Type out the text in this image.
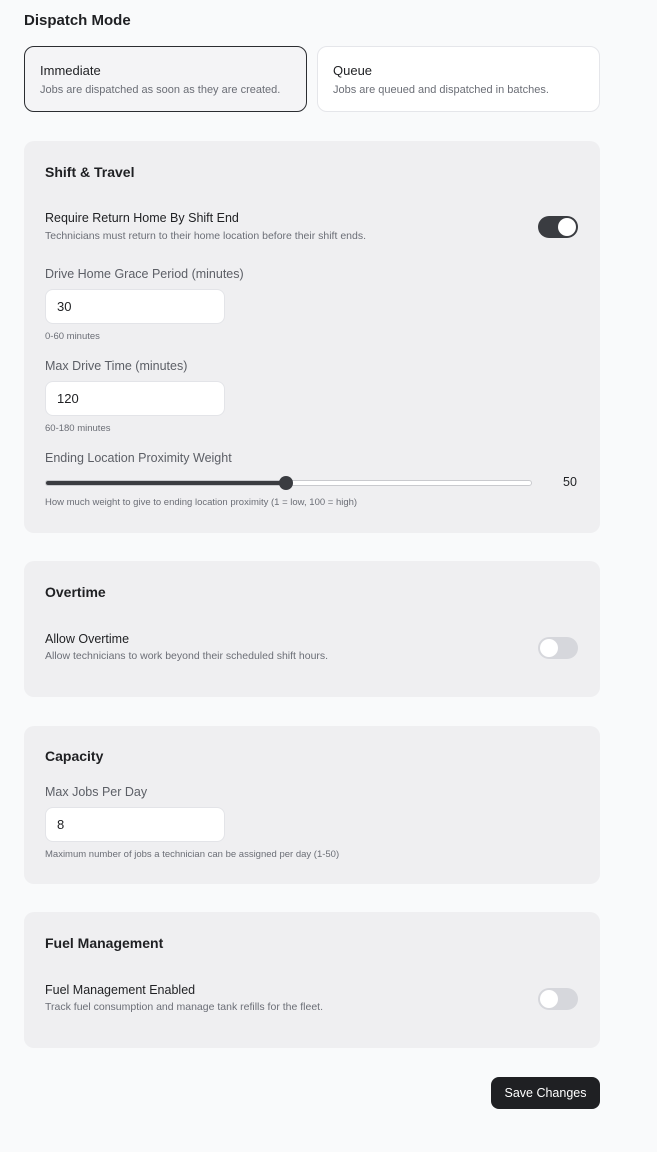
Dispatch Mode
Immediate
Jobs are dispatched as soon as they are created.
Queue
Jobs are queued and dispatched in batches.
Shift & Travel
Require Return Home By Shift End
Technicians must return to their home location before their shift ends.
Drive Home Grace Period (minutes)
30
0-60 minutes
Max Drive Time (minutes)
120
60-180 minutes
Ending Location Proximity Weight
50
How much weight to give to ending location proximity (1 = low, 100 = high)
Overtime
Allow Overtime
Allow technicians to work beyond their scheduled shift hours.
Capacity
Max Jobs Per Day
8
Maximum number of jobs a technician can be assigned per day (1-50)
Fuel Management
Fuel Management Enabled
Track fuel consumption and manage tank refills for the fleet.
Save Changes
